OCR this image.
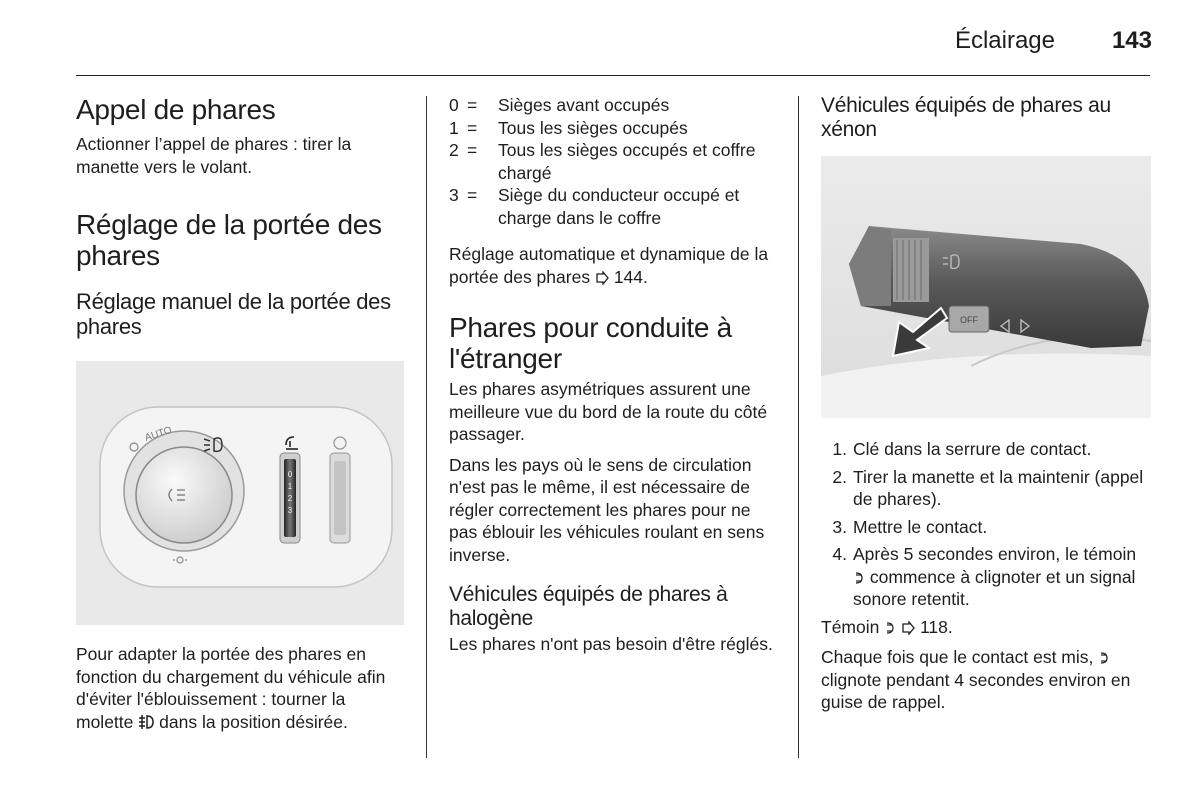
Éclairage 143
Appel de phares

Actionner l’appel de phares : tirer la manette vers le volant.

Réglage de la portée des phares
Réglage manuel de la portée des phares
AUTO
0
1
2
3

Pour adapter la portée des phares en fonction du chargement du véhicule afin d'éviter l'éblouissement : tourner la molette dans la position désirée.

0 =	Sièges avant occupés
1 =	Tous les sièges occupés
2 =	Tous les sièges occupés et coffre chargé
3 =	Siège du conducteur occupé et charge dans le coffre

Réglage automatique et dynamique de la portée des phares 144.

Phares pour conduite à l'étranger

Les phares asymétriques assurent une meilleure vue du bord de la route du côté passager.

Dans les pays où le sens de circulation n'est pas le même, il est nécessaire de régler correctement les phares pour ne pas éblouir les véhicules roulant en sens inverse.

Véhicules équipés de phares à halogène

Les phares n'ont pas besoin d'être réglés.

Véhicules équipés de phares au xénon
OFF
1. Clé dans la serrure de contact.
2. Tirer la manette et la maintenir (appel de phares).
3. Mettre le contact.
4. Après 5 secondes environ, le témoin  commence à clignoter et un signal sonore retentit.

Témoin 118.

Chaque fois que le contact est mis,  clignote pendant 4 secondes environ en guise de rappel.
